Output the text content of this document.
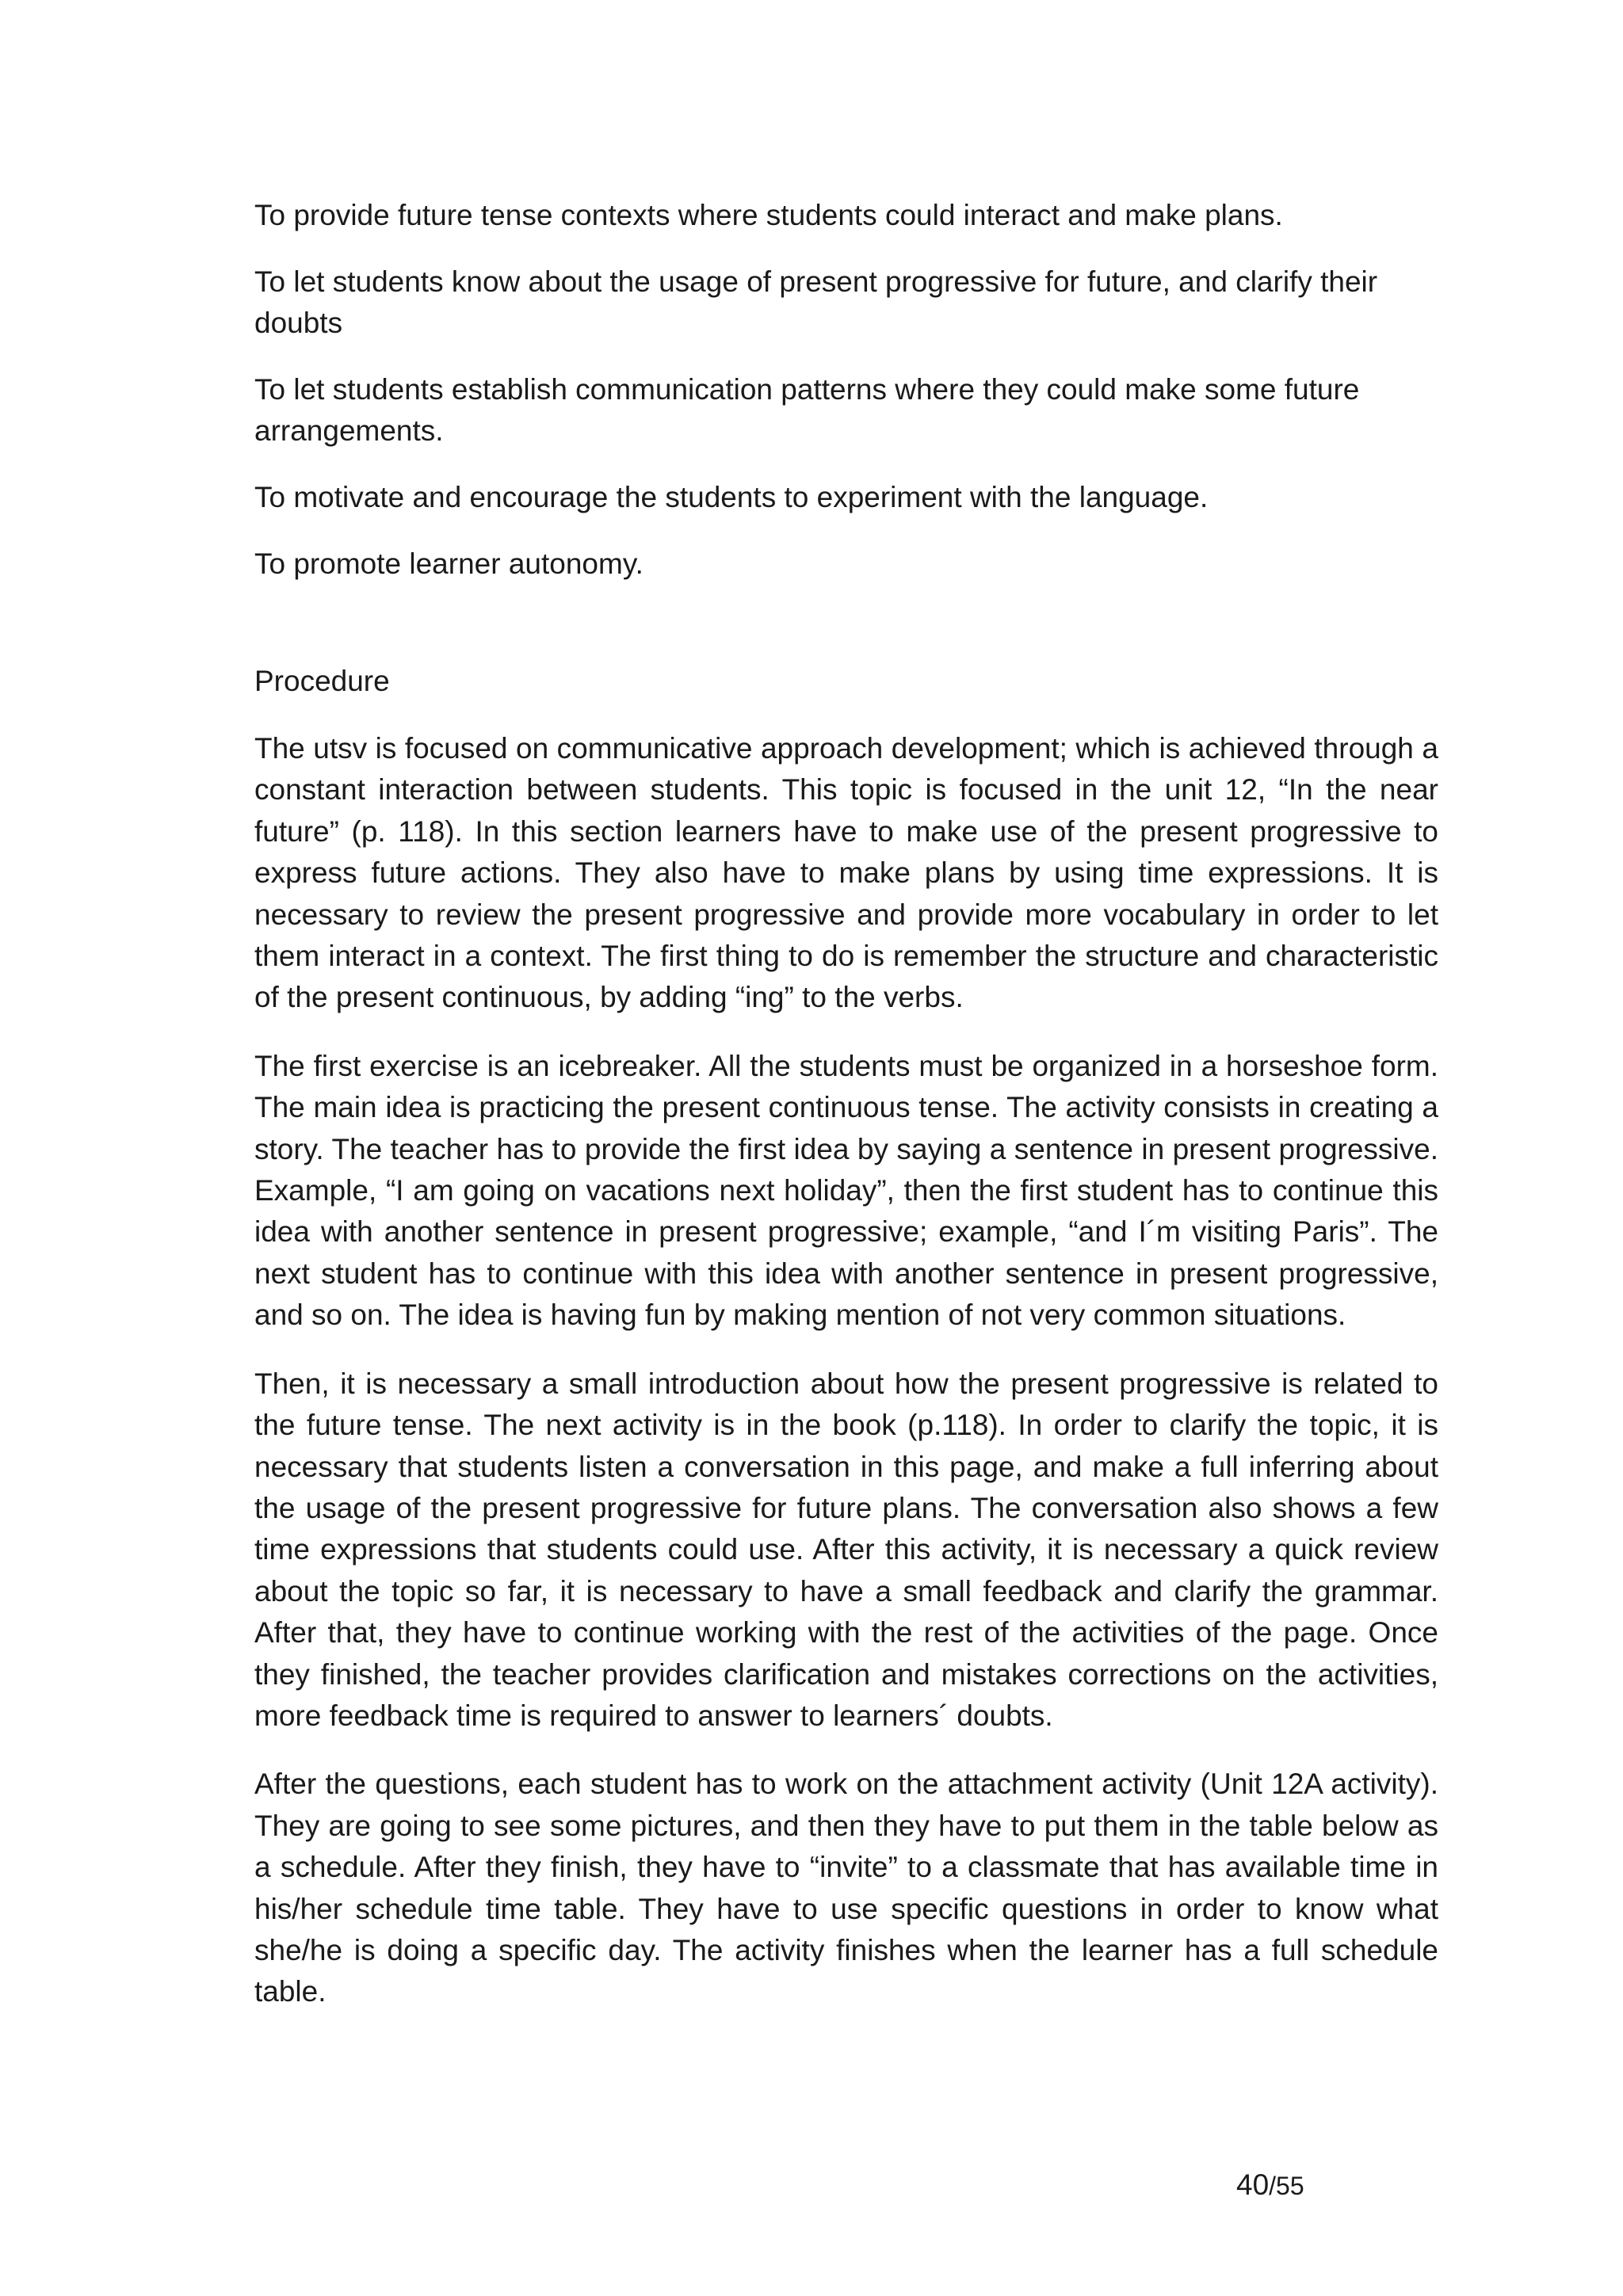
To provide future tense contexts where students could interact and make plans.

To let students know about the usage of present progressive for future, and clarify their doubts

To let students establish communication patterns where they could make some future arrangements.

To motivate and encourage the students to experiment with the language.

To promote learner autonomy.

Procedure

The utsv is focused on communicative approach development; which is achieved through a constant interaction between students. This topic is focused in the unit 12, “In the near future” (p. 118). In this section learners have to make use of the present progressive to express future actions. They also have to make plans by using time expressions. It is necessary to review the present progressive and provide more vocabulary in order to let them interact in a context. The first thing to do is remember the structure and characteristic of the present continuous, by adding “ing” to the verbs.

The first exercise is an icebreaker. All the students must be organized in a horseshoe form. The main idea is practicing the present continuous tense. The activity consists in creating a story. The teacher has to provide the first idea by saying a sentence in present progressive. Example, “I am going on vacations next holiday”, then the first student has to continue this idea with another sentence in present progressive; example, “and I´m visiting Paris”. The next student has to continue with this idea with another sentence in present progressive, and so on. The idea is having fun by making mention of not very common situations.

Then, it is necessary a small introduction about how the present progressive is related to the future tense. The next activity is in the book (p.118). In order to clarify the topic, it is necessary that students listen a conversation in this page, and make a full inferring about the usage of the present progressive for future plans. The conversation also shows a few time expressions that students could use. After this activity, it is necessary a quick review about the topic so far, it is necessary to have a small feedback and clarify the grammar. After that, they have to continue working with the rest of the activities of the page. Once they finished, the teacher provides clarification and mistakes corrections on the activities, more feedback time is required to answer to learners´ doubts.

After the questions, each student has to work on the attachment activity (Unit 12A activity). They are going to see some pictures, and then they have to put them in the table below as a schedule. After they finish, they have to “invite” to a classmate that has available time in his/her schedule time table. They have to use specific questions in order to know what she/he is doing a specific day. The activity finishes when the learner has a full schedule table.

40/55
